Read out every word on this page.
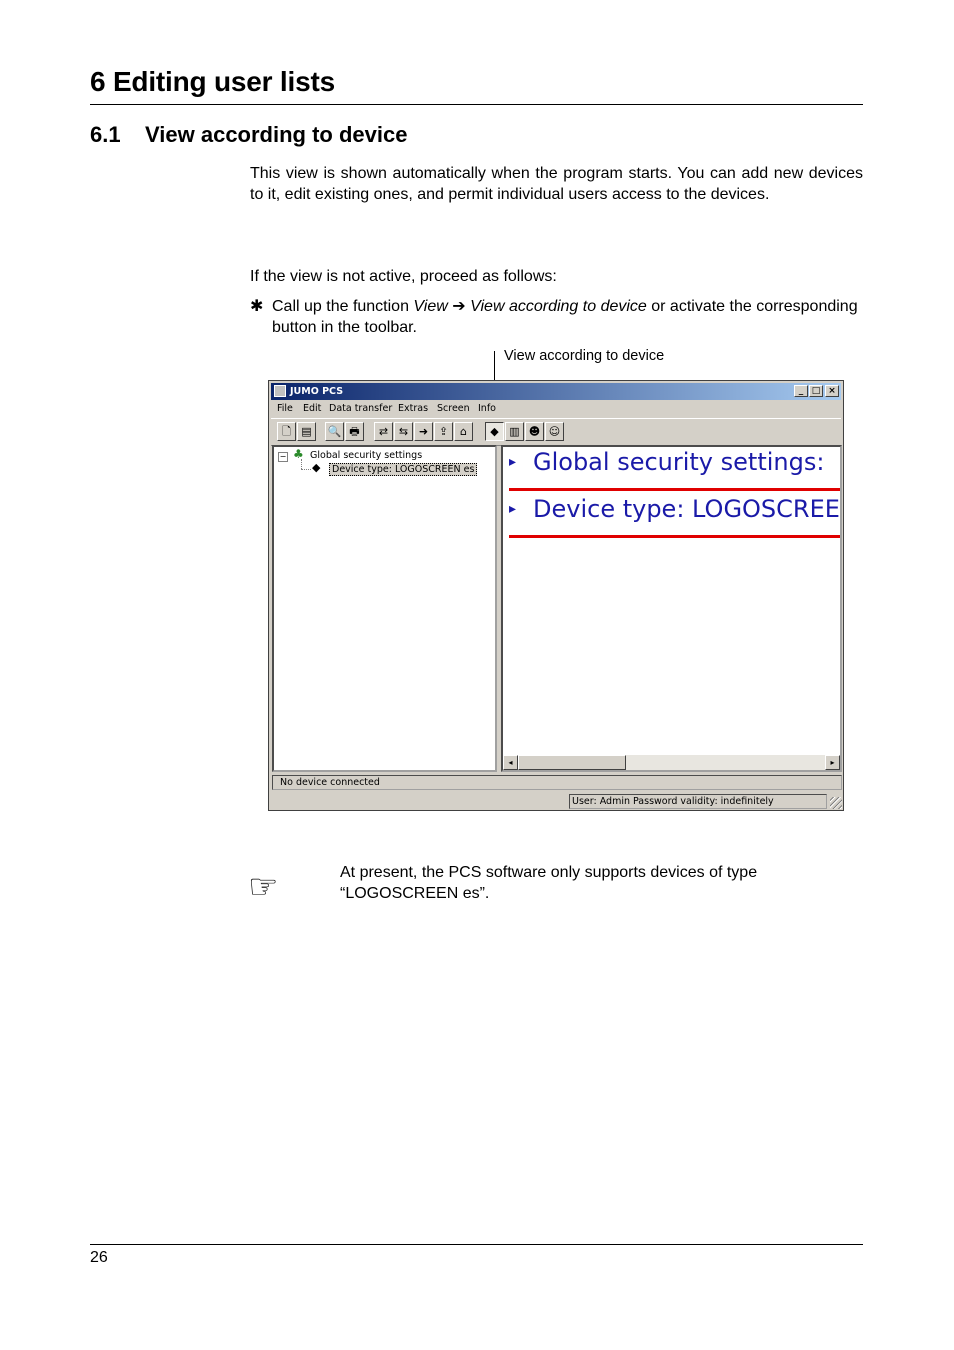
6 Editing user lists
6.1 View according to device
This view is shown automatically when the program starts. You can add new devices to it, edit existing ones, and permit individual users access to the devices.
If the view is not active, proceed as follows:
✱ Call up the function View ➔ View according to device or activate the corresponding button in the toolbar.
View according to device
JUMO PCS	_ □ ×
File Edit Data transfer Extras Screen Info
🗋 ▤	🔍 🖶	⇄ ⇆ ➜ ⇪	⌂	◆ ▥ ☻ ☺
− ♣ Global security settings
◆	Device type: LOGOSCREEN es ▸ Global security settings:
▸ Device type: LOGOSCREE
◂	▸
No device connected
User: Admin Password validity: indefinitely
☞	At present, the PCS software only supports devices of type “LOGOSCREEN es”.
26
